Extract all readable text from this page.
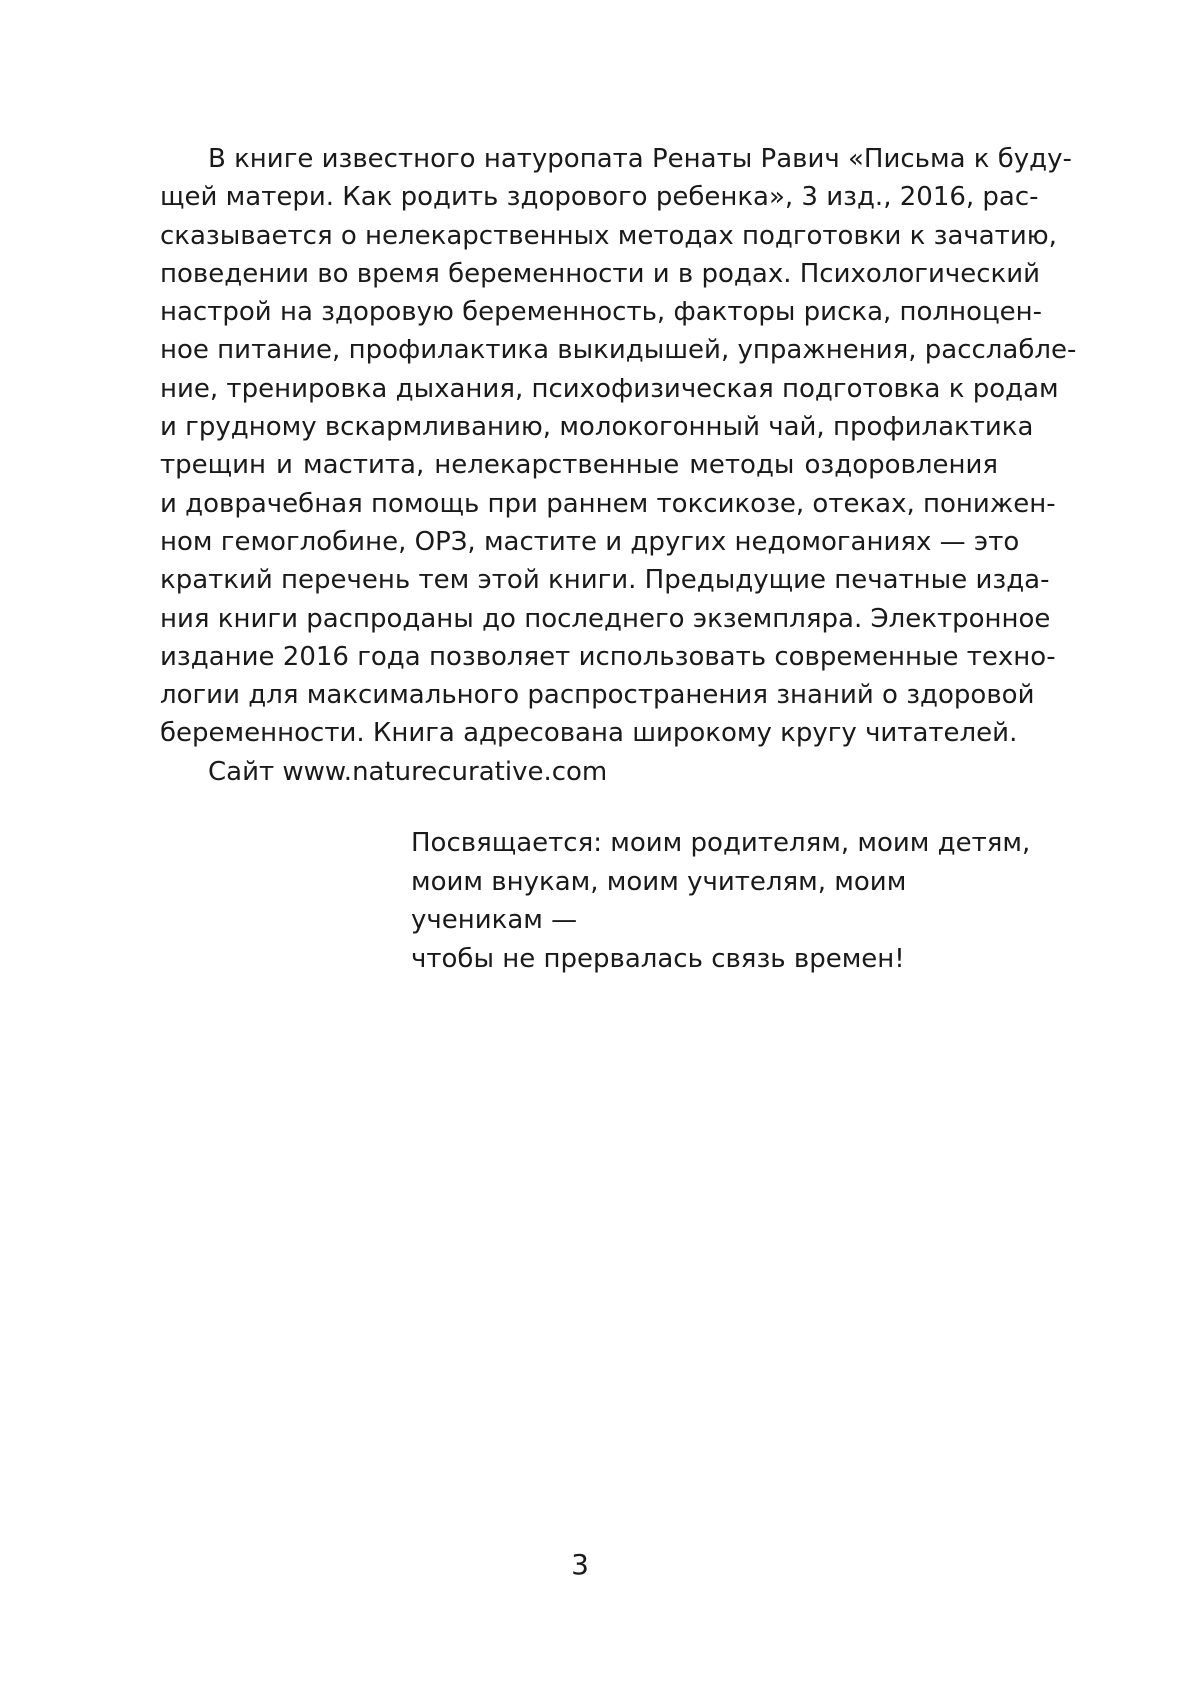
В книге известного натуропата Ренаты Равич «Письма к буду-
щей матери. Как родить здорового ребенка», 3 изд., 2016, рас-
сказывается о нелекарственных методах подготовки к зачатию,
поведении во время беременности и в родах. Психологический
настрой на здоровую беременность, факторы риска, полноцен-
ное питание, профилактика выкидышей, упражнения, расслабле-
ние, тренировка дыхания, психофизическая подготовка к родам
и грудному вскармливанию, молокогонный чай, профилактика
трещин и мастита, нелекарственные методы оздоровления
и доврачебная помощь при раннем токсикозе, отеках, понижен-
ном гемоглобине, ОРЗ, мастите и других недомоганиях — это
краткий перечень тем этой книги. Предыдущие печатные изда-
ния книги распроданы до последнего экземпляра. Электронное
издание 2016 года позволяет использовать современные техно-
логии для максимального распространения знаний о здоровой
беременности. Книга адресована широкому кругу читателей.
Сайт www.naturecurative.com
Посвящается: моим родителям, моим детям,
моим внукам, моим учителям, моим
ученикам —
чтобы не прервалась связь времен!
3
